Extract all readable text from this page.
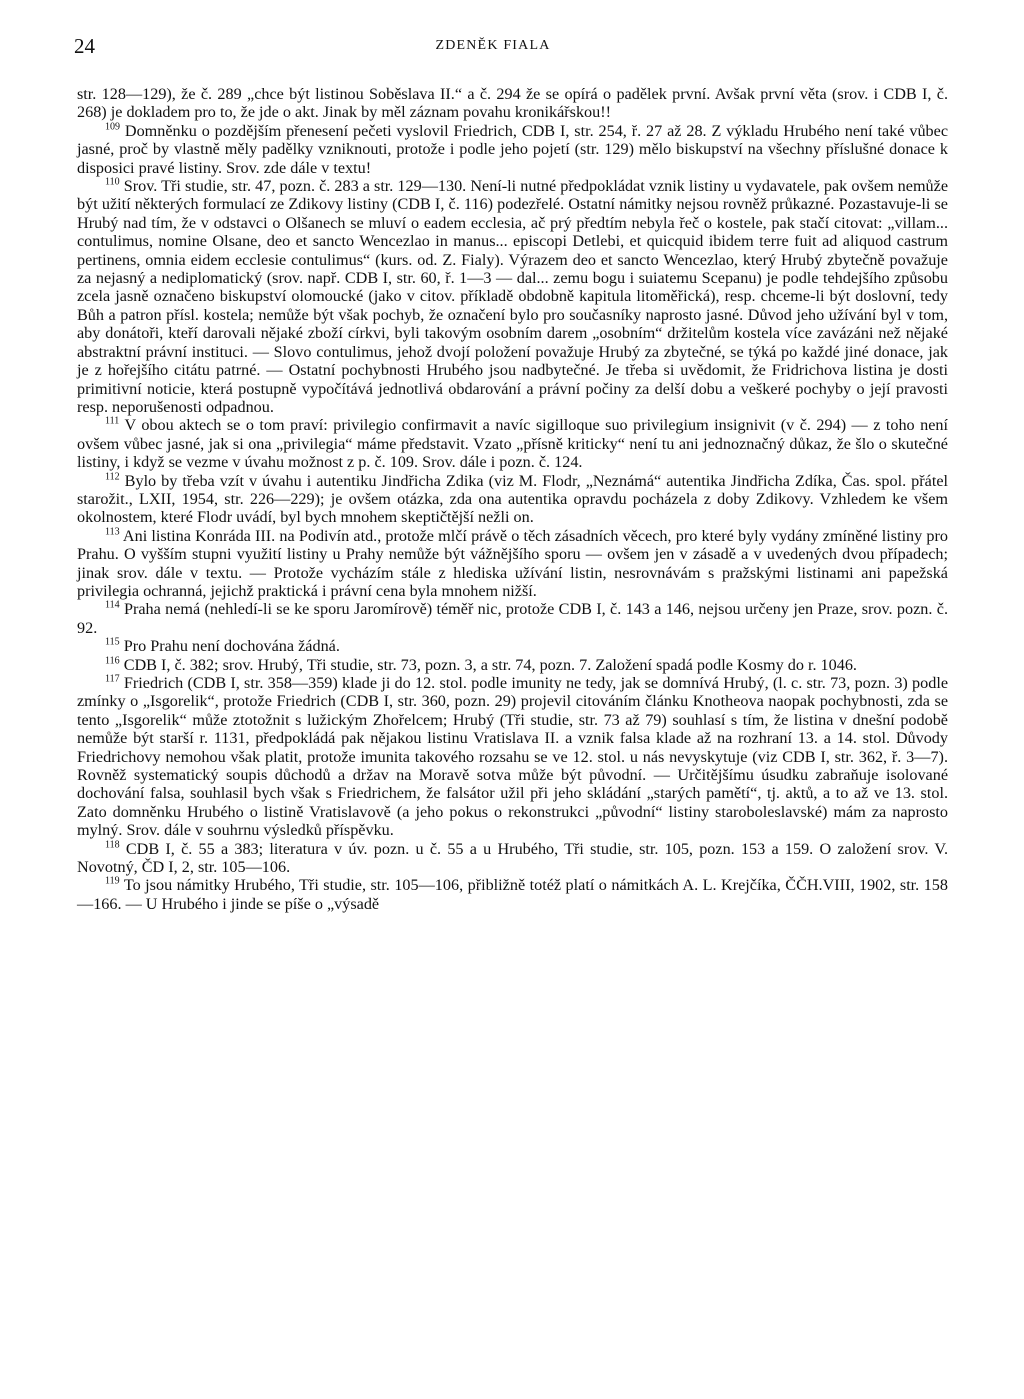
24	ZDENĚK FIALA

str. 128—129), že č. 289 „chce být listinou Soběslava II.“ a č. 294 že se opírá o padělek první. Avšak první věta (srov. i CDB I, č. 268) je dokladem pro to, že jde o akt. Jinak by měl záznam povahu kronikářskou!!

$^{109}$ Domněnku o pozdějším přenesení pečeti vyslovil Friedrich, CDB I, str. 254, ř. 27 až 28. Z výkladu Hrubého není také vůbec jasné, proč by vlastně měly padělky vzniknouti, protože i podle jeho pojetí (str. 129) mělo biskupství na všechny příslušné donace k disposici pravé listiny. Srov. zde dále v textu!

$^{110}$ Srov. Tři studie, str. 47, pozn. č. 283 a str. 129—130. Není-li nutné předpokládat vznik listiny u vydavatele, pak ovšem nemůže být užití některých formulací ze Zdikovy listiny (CDB I, č. 116) podezřelé. Ostatní námitky nejsou rovněž průkazné. Pozastavuje-li se Hrubý nad tím, že v odstavci o Olšanech se mluví o eadem ecclesia, ač prý předtím nebyla řeč o kostele, pak stačí citovat: „villam... contulimus, nomine Olsane, deo et sancto Wencezlao in manus... episcopi Detlebi, et quicquid ibidem terre fuit ad aliquod castrum pertinens, omnia eidem ecclesie contulimus“ (kurs. od. Z. Fialy). Výrazem deo et sancto Wencezlao, který Hrubý zbytečně považuje za nejasný a nediplomatický (srov. např. CDB I, str. 60, ř. 1—3 — dal... zemu bogu i suiatemu Scepanu) je podle tehdejšího způsobu zcela jasně označeno biskupství olomoucké (jako v citov. příkladě obdobně kapitula litoměřická), resp. chceme-li být doslovní, tedy Bůh a patron přísl. kostela; nemůže být však pochyb, že označení bylo pro současníky naprosto jasné. Důvod jeho užívání byl v tom, aby donátoři, kteří darovali nějaké zboží církvi, byli takovým osobním darem „osobním“ držitelům kostela více zavázáni než nějaké abstraktní právní instituci. — Slovo contulimus, jehož dvojí položení považuje Hrubý za zbytečné, se týká po každé jiné donace, jak je z hořejšího citátu patrné. — Ostatní pochybnosti Hrubého jsou nadbytečné. Je třeba si uvědomit, že Fridrichova listina je dosti primitivní noticie, která postupně vypočítává jednotlivá obdarování a právní počiny za delší dobu a veškeré pochyby o její pravosti resp. neporušenosti odpadnou.

$^{111}$ V obou aktech se o tom praví: privilegio confirmavit a navíc sigilloque suo privilegium insignivit (v č. 294) — z toho není ovšem vůbec jasné, jak si ona „privilegia“ máme představit. Vzato „přísně kriticky“ není tu ani jednoznačný důkaz, že šlo o skutečné listiny, i když se vezme v úvahu možnost z p. č. 109. Srov. dále i pozn. č. 124.

$^{112}$ Bylo by třeba vzít v úvahu i autentiku Jindřicha Zdika (viz M. Flodr, „Neznámá“ autentika Jindřicha Zdíka, Čas. spol. přátel starožit., LXII, 1954, str. 226—229); je ovšem otázka, zda ona autentika opravdu pocházela z doby Zdikovy. Vzhledem ke všem okolnostem, které Flodr uvádí, byl bych mnohem skeptičtější nežli on.

$^{113}$ Ani listina Konráda III. na Podivín atd., protože mlčí právě o těch zásadních věcech, pro které byly vydány zmíněné listiny pro Prahu. O vyšším stupni využití listiny u Prahy nemůže být vážnějšího sporu — ovšem jen v zásadě a v uvedených dvou případech; jinak srov. dále v textu. — Protože vycházím stále z hlediska užívání listin, nesrovnávám s pražskými listinami ani papežská privilegia ochranná, jejichž praktická i právní cena byla mnohem nižší.

$^{114}$ Praha nemá (nehledí-li se ke sporu Jaromírově) téměř nic, protože CDB I, č. 143 a 146, nejsou určeny jen Praze, srov. pozn. č. 92.

$^{115}$ Pro Prahu není dochována žádná.

$^{116}$ CDB I, č. 382; srov. Hrubý, Tři studie, str. 73, pozn. 3, a str. 74, pozn. 7. Založení spadá podle Kosmy do r. 1046.

$^{117}$ Friedrich (CDB I, str. 358—359) klade ji do 12. stol. podle imunity ne tedy, jak se domnívá Hrubý, (l. c. str. 73, pozn. 3) podle zmínky o „Isgorelik“, protože Friedrich (CDB I, str. 360, pozn. 29) projevil citováním článku Knotheova naopak pochybnosti, zda se tento „Isgorelik“ může ztotožnit s lužickým Zhořelcem; Hrubý (Tři studie, str. 73 až 79) souhlasí s tím, že listina v dnešní podobě nemůže být starší r. 1131, předpokládá pak nějakou listinu Vratislava II. a vznik falsa klade až na rozhraní 13. a 14. stol. Důvody Friedrichovy nemohou však platit, protože imunita takového rozsahu se ve 12. stol. u nás nevyskytuje (viz CDB I, str. 362, ř. 3—7). Rovněž systematický soupis důchodů a držav na Moravě sotva může být původní. — Určitějšímu úsudku zabraňuje isolované dochování falsa, souhlasil bych však s Friedrichem, že falsátor užil při jeho skládání „starých pamětí“, tj. aktů, a to až ve 13. stol. Zato domněnku Hrubého o listině Vratislavově (a jeho pokus o rekonstrukci „původní“ listiny staroboleslavské) mám za naprosto mylný. Srov. dále v souhrnu výsledků příspěvku.

$^{118}$ CDB I, č. 55 a 383; literatura v úv. pozn. u č. 55 a u Hrubého, Tři studie, str. 105, pozn. 153 a 159. O založení srov. V. Novotný, ČD I, 2, str. 105—106.

$^{119}$ To jsou námitky Hrubého, Tři studie, str. 105—106, přibližně totéž platí o námitkách A. L. Krejčíka, ČČH.VIII, 1902, str. 158—166. — U Hrubého i jinde se píše o „výsadě
